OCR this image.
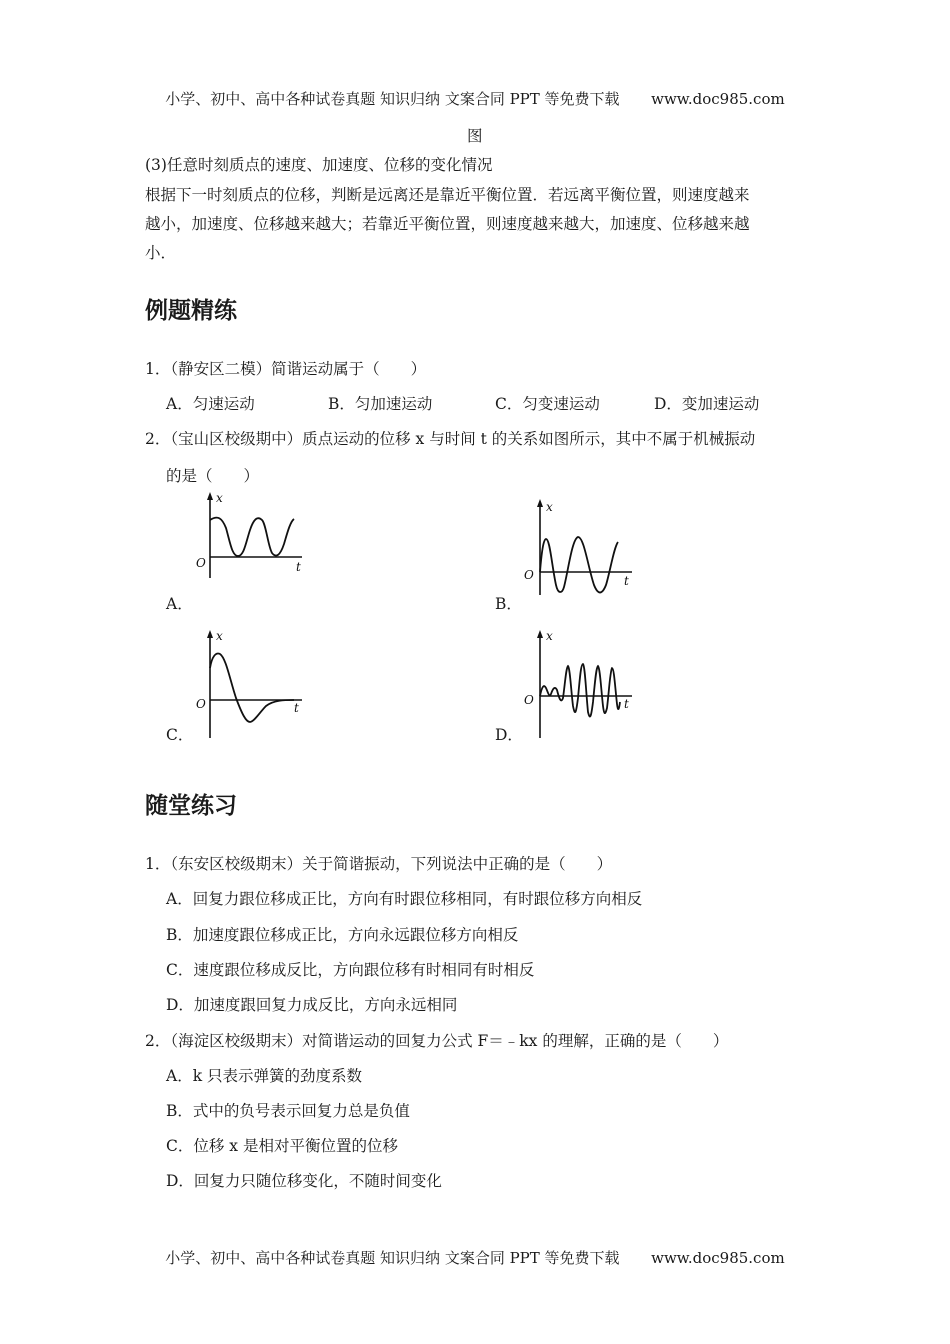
小学、初中、高中各种试卷真题 知识归纳 文案合同 PPT 等免费下载 www.doc985.com
图
(3)任意时刻质点的速度、加速度、位移的变化情况
根据下一时刻质点的位移，判断是远离还是靠近平衡位置．若远离平衡位置，则速度越来
越小，加速度、位移越来越大；若靠近平衡位置，则速度越来越大，加速度、位移越来越
小．
例题精练
1．（静安区二模）简谐运动属于（　　）
A．匀速运动	B．匀加速运动	C．匀变速运动	D．变加速运动
2．（宝山区校级期中）质点运动的位移 x 与时间 t 的关系如图所示，其中不属于机械振动
的是（　　）
A．
x
t
O
B．
x
t
O
C．
x
t
O
D．
x
t
O
随堂练习
1．（东安区校级期末）关于简谐振动，下列说法中正确的是（　　）
A．回复力跟位移成正比，方向有时跟位移相同，有时跟位移方向相反
B．加速度跟位移成正比，方向永远跟位移方向相反
C．速度跟位移成反比，方向跟位移有时相同有时相反
D．加速度跟回复力成反比，方向永远相同
2．（海淀区校级期末）对简谐运动的回复力公式 F＝﹣kx 的理解，正确的是（　　）
A．k 只表示弹簧的劲度系数
B．式中的负号表示回复力总是负值
C．位移 x 是相对平衡位置的位移
D．回复力只随位移变化，不随时间变化
小学、初中、高中各种试卷真题 知识归纳 文案合同 PPT 等免费下载 www.doc985.com
